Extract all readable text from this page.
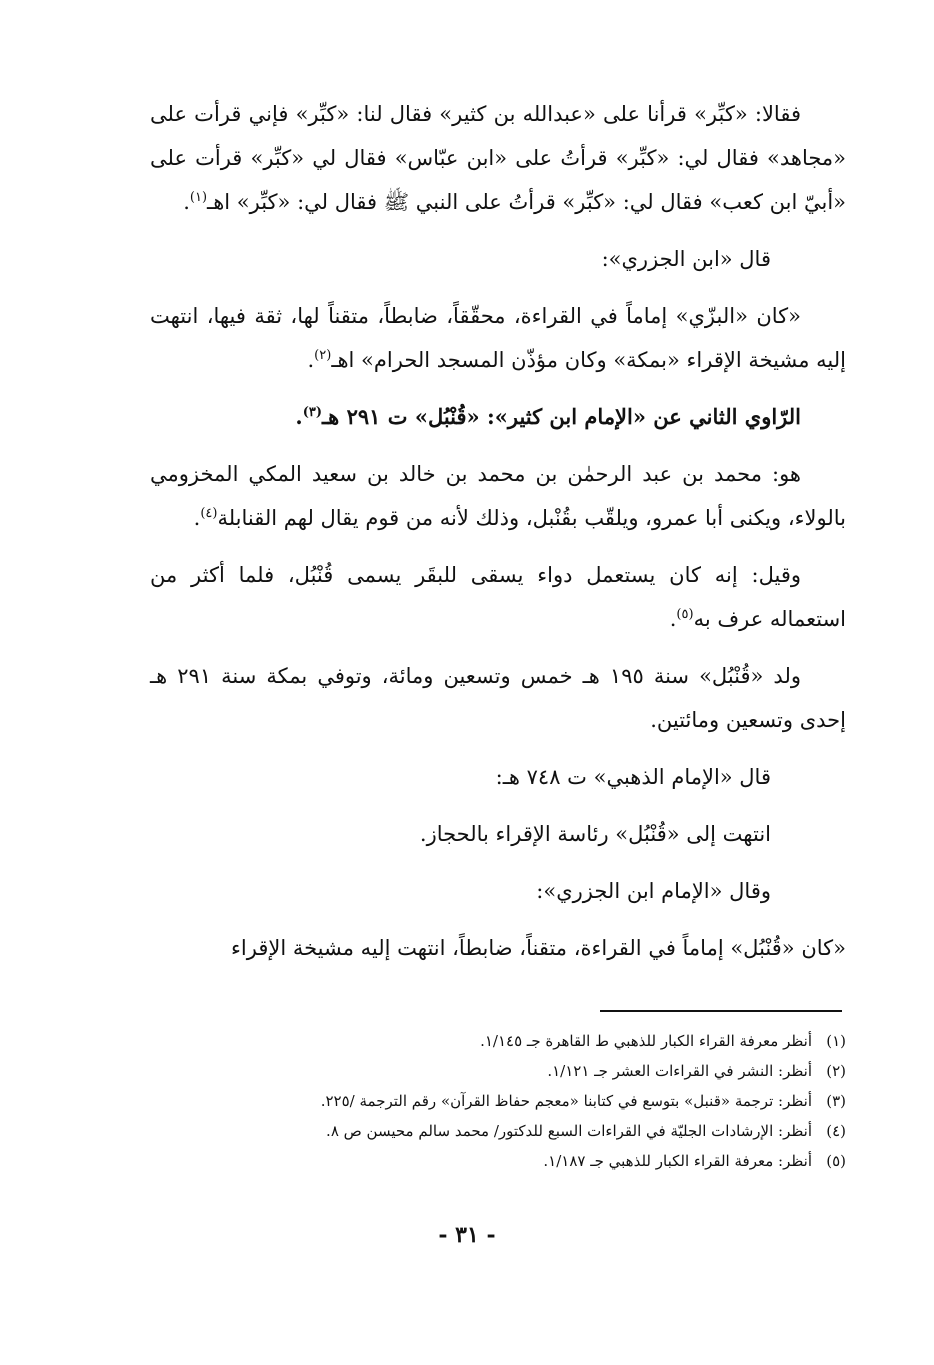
فقالا: «كبِّر» قرأنا على «عبدالله بن كثير» فقال لنا: «كبِّر» فإني قرأت على «مجاهد» فقال لي: «كبِّر» قرأتُ على «ابن عبّاس» فقال لي «كبِّر» قرأت على «أبيّ ابن كعب» فقال لي: «كبِّر» قرأتُ على النبي ﷺ فقال لي: «كبِّر» اهـ$^{(١)}$.

قال «ابن الجزري»:

«كان «البزّي» إماماً في القراءة، محقّقاً، ضابطاً، متقناً لها، ثقة فيها، انتهت إليه مشيخة الإقراء «بمكة» وكان مؤذّن المسجد الحرام» اهـ$^{(٢)}$.

الرّاوي الثاني عن «الإمام ابن كثير»: «قُنْبُل» ت ٢٩١ هـ$^{(٣)}$.

هو: محمد بن عبد الرحمٰن بن محمد بن خالد بن سعيد المكي المخزومي بالولاء، ويكنى أبا عمرو، ويلقّب بقُنْبل، وذلك لأنه من قوم يقال لهم القنابلة$^{(٤)}$.

وقيل: إنه كان يستعمل دواء يسقى للبقَر يسمى قُنْبُل، فلما أكثر من استعماله عرف به$^{(٥)}$.

ولد «قُنْبُل» سنة ١٩٥ هـ خمس وتسعين ومائة، وتوفي بمكة سنة ٢٩١ هـ إحدى وتسعين ومائتين.

قال «الإمام الذهبي» ت ٧٤٨ هـ:

انتهت إلى «قُنْبُل» رئاسة الإقراء بالحجاز.

وقال «الإمام ابن الجزري»:

«كان «قُنْبُل» إماماً في القراءة، متقناً، ضابطاً، انتهت إليه مشيخة الإقراء

(١)أنظر معرفة القراء الكبار للذهبي ط القاهرة جـ ١/١٤٥.

(٢)أنظر: النشر في القراءات العشر جـ ١/١٢١.

(٣)أنظر: ترجمة «قنبل» بتوسع في كتابنا «معجم حفاظ القرآن» رقم الترجمة /٢٢٥.

(٤)أنظر: الإرشادات الجليّة في القراءات السبع للدكتور/ محمد سالم محيسن ص ٨.

(٥)أنظر: معرفة القراء الكبار للذهبي جـ ١/١٨٧.

- ٣١ -
